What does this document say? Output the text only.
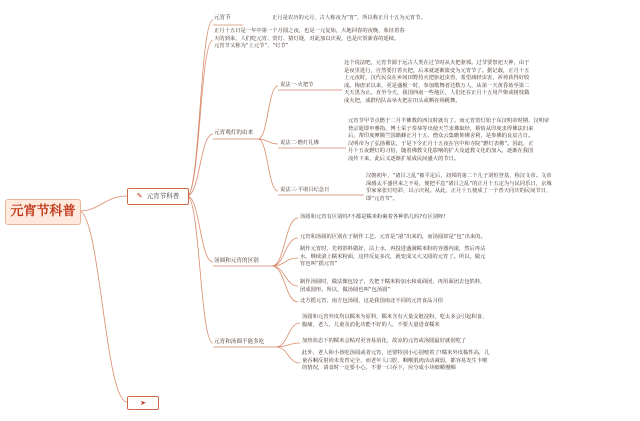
元宵节科普
✎ 元宵节科普
➤
元宵节	正月是农历的元月，古人称夜为“宵”，所以称正月十五为元宵节。
正月十五日是一年中第一个月圆之夜，也是一元复始，大地回春的夜晚，象征着春
天的到来，人们吃元宵、赏灯、猜灯谜，对此加以庆祝，也是庆贺新春的延续。
元宵节又称为“上元节”、“灯节”
元宵观灯的由来
说法一·火把节
这个说法吧，元宵节源于远古人类在过节时从火把驱邪。过节要祭祀天神，由于
是夜里进行，自然要打着火把，后来就逐渐演变为元宵节了。据记载，正月十五
上元夜时，汉代民众在乡间田野持火把驱赶虫兽，希望减轻虫害，祈祷获得好收
成。梅唐宋以来，更是盛极一时，参加歌舞者达数万人，从第一天黄昏始至第二
天天黑为止。直至今天，我国西南一些地区，人们还在正月十五用芦柴或树枝做
成火把，成群结队高举火把在田头或晒谷场跳舞。
说法二·燃灯礼佛
元宵节甲节点燃于二月半佛教的西汉时就有了。而元宵赏灯始于东汉明帝时期，汉明帝
皆宗逝即申雅指，博士采子奏恭等出使天竺求佛取经，蔡愔从印度求得佛法归来
后，帮印度摩腾竺国籍蜂正月十五，僧众云集瞻仰佛舍利，是参佛的良辰吉日。
汉明帝为了弘扬佛法，于是下令正月十五夜在宫中和寺院“燃灯表佛”。因此，正
月十五夜燃灯的习俗，随着佛教文化影响的扩大及道教文化的加入，逐渐在我国
流传下来，此后又逐渐扩展成民间盛大的节日。
说法三·平诸吕纪念日
汉朝初年，“诸吕之乱”被平定后，刘邦的第二个儿子刘恒登基，称汉文帝。文帝
深感太平盛世来之不易，便把平息“诸吕之乱”的正月十五定为与民同乐日，京城
里家家张灯结彩，以示庆祝。从此，正月十五便成了一个普天同庆的民间节日，
即“元宵节”。
汤圆和元宵的区别
汤圆和元宵有区别吗?不都是糯米粉裹着各种馅儿吗?有区别呀!
元宵和汤圆的区别在于制作工艺，元宵是“滚”出来的，而汤圆却是“包”出来的。
制作元宵时，先将馅料做好，沾上水，再投进盛满糯米粉的容器内滚，然后再沾
水，继续滚上糯米粉面，这样反复多次，就变成又大又圆的元宵了。所以，做元
宵也叫“摇元宵”
制作汤圆时，做法像包饺子，先把干糯米粉加水和成面团，再用面团去包馅料，
团成圆形。所以，做汤圆也叫“包汤圆”
北方摇元宵，南方包汤圆，这是我国南北不同的元宵食品习俗
元宵和汤圆不能多吃
汤圆和元宵外皮均以糯米为原料，糯米含有大量支链淀粉，吃太多会引起积食、
腹痛，老人、儿童及消化功能不好的人，不要大量进食糯米
加热状态下的糯米会粘对更容易消化，故凉的元宵或汤圆最好就别吃了
此外，老人和小孩吃汤圆或者元宵，还要特别小心别噎着了!糯米外皮黏性高，儿
童吞咽反射尚未发育完全，而老年人口腔、咽喉肌肉活动减弱，都容易发生卡喉
的情况，请食时一定要小心，不要一口吞下，应分成小块细嚼慢咽
